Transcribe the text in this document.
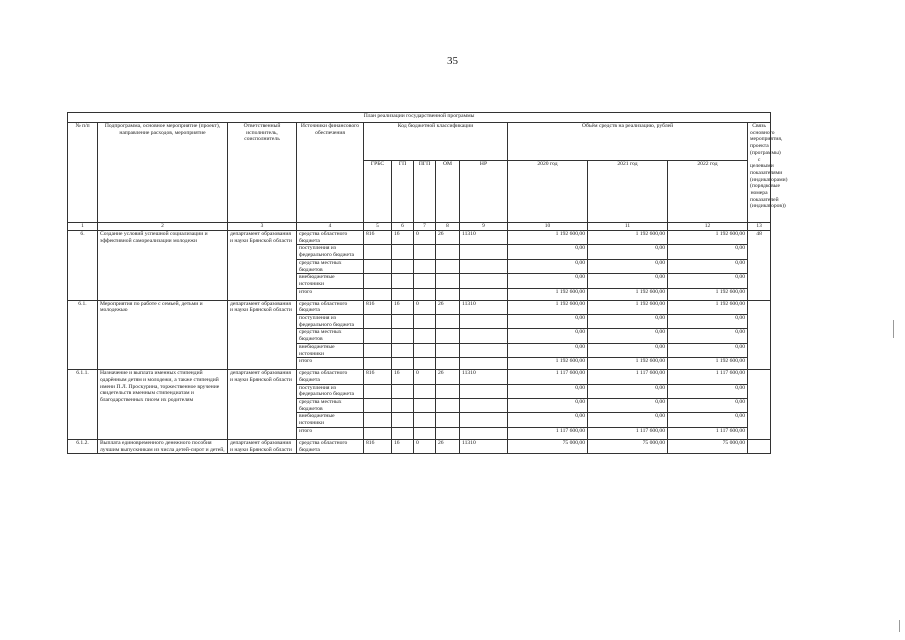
35
План реализации государственной программы												
№ п/п	Подпрограмма, основное мероприятие (проект), направление расходов, мероприятие	Ответственный исполнитель, соисполнитель	Источники финансового обеспечения	Код бюджетной классификации					Объём средств на реализацию, рублей			Связь основного мероприятия, проекта (программы) с целевыми показателями (индикаторами) (порядковые номера показателей (индикаторов))
				ГРБС	ГП	ПГП	ОМ	НР	2020 год	2021 год	2022 год	
1	2	3	4	5	6	7	8	9	10	11	12	13
6.	Создание условий успешной социализации и эффективной самореализации молодежи	департамент образования и науки Брянской области	средства областного бюджета	816	16	0	26	11310	1 192 600,00	1 192 600,00	1 192 600,00	48
			поступления из федерального бюджета						0,00	0,00	0,00	
			средства местных бюджетов						0,00	0,00	0,00	
			внебюджетные источники						0,00	0,00	0,00	
			итого						1 192 600,00	1 192 600,00	1 192 600,00	
6.1.	Мероприятия по работе с семьей, детьми и молодежью	департамент образования и науки Брянской области	средства областного бюджета	816	16	0	26	11310	1 192 600,00	1 192 600,00	1 192 600,00	
			поступления из федерального бюджета						0,00	0,00	0,00	
			средства местных бюджетов						0,00	0,00	0,00	
			внебюджетные источники						0,00	0,00	0,00	
			итого						1 192 600,00	1 192 600,00	1 192 600,00	
6.1.1.	Назначение и выплата именных стипендий одарённым детям и молодежи, а также стипендий имени П.Л. Проскурина, торжественное вручение свидетельств именным стипендиатам и благодарственных писем их родителям	департамент образования и науки Брянской области	средства областного бюджета	816	16	0	26	11310	1 117 600,00	1 117 600,00	1 117 600,00	
			поступления из федерального бюджета						0,00	0,00	0,00	
			средства местных бюджетов						0,00	0,00	0,00	
			внебюджетные источники						0,00	0,00	0,00	
			итого						1 117 600,00	1 117 600,00	1 117 600,00	
6.1.2.	Выплата единовременного денежного пособия лучшим выпускникам из числа детей-сирот и детей,	департамент образования и науки Брянской области	средства областного бюджета	816	16	0	26	11310	75 000,00	75 000,00	75 000,00	
